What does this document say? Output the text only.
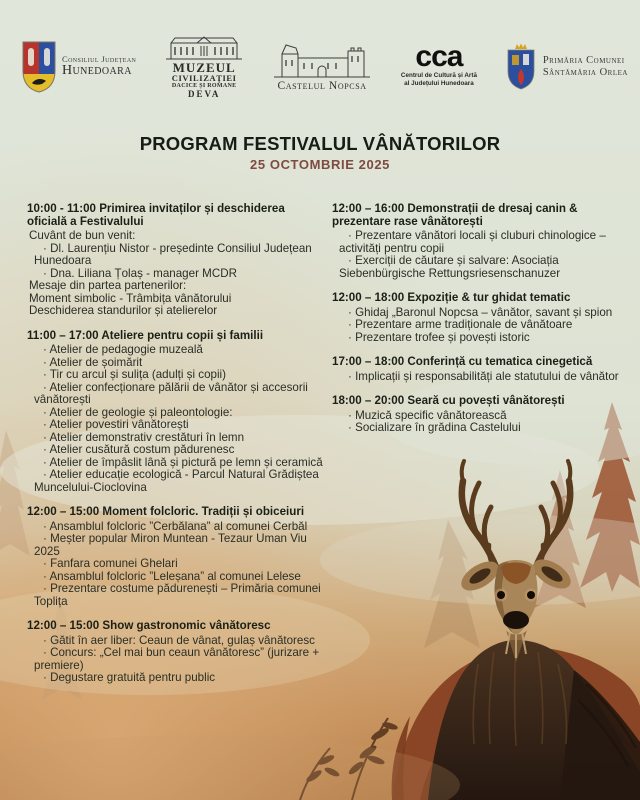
Consiliul Județean
Hunedoara	MUZEUL
CIVILIZAȚIEI
DACICE ȘI ROMANE
DEVA
Castelul Nopcsa
cca
Centrul de Cultură și Artă
al Județului Hunedoara
Primăria Comunei
Sântămăria Orlea
PROGRAM FESTIVALUL VÂNĂTORILOR
25 OCTOMBRIE 2025
10:00 - 11:00 Primirea invitaților și deschiderea oficială a Festivalului
Cuvânt de bun venit:
· Dl. Laurențiu Nistor - președinte Consiliul Județean Hunedoara
· Dna. Liliana Țolaș - manager MCDR
Mesaje din partea partenerilor:
Moment simbolic - Trâmbița vânătorului
Deschiderea standurilor și atelierelor
11:00 – 17:00 Ateliere pentru copii și familii
· Atelier de pedagogie muzeală
· Atelier de șoimărit
· Tir cu arcul și sulița (adulți și copii)
· Atelier confecționare pălării de vânător și accesorii vânătorești
· Atelier de geologie și paleontologie:
· Atelier povestiri vânătorești
· Atelier demonstrativ crestături în lemn
· Atelier cusătură costum pădurenesc
· Atelier de împâslit lână și pictură pe lemn și ceramică
· Atelier educație ecologică - Parcul Natural Grădiștea Muncelului-Cioclovina
12:00 – 15:00 Moment folcloric. Tradiții și obiceiuri
· Ansamblul folcloric ”Cerbălana” al comunei Cerbăl
· Meșter popular Miron Muntean - Tezaur Uman Viu 2025
· Fanfara comunei Ghelari
· Ansamblul folcloric ”Leleșana” al comunei Lelese
· Prezentare costume pădurenești – Primăria comunei Toplița
12:00 – 15:00 Show gastronomic vânătoresc
· Gătit în aer liber: Ceaun de vânat, gulaș vânătoresc
· Concurs: „Cel mai bun ceaun vânătoresc” (jurizare + premiere)
· Degustare gratuită pentru public
12:00 – 16:00 Demonstrații de dresaj canin & prezentare rase vânătorești
· Prezentare vânători locali și cluburi chinologice – activități pentru copii
· Exerciții de căutare și salvare: Asociația Siebenbürgische Rettungsriesenschanuzer
12:00 – 18:00 Expoziție & tur ghidat tematic
· Ghidaj „Baronul Nopcsa – vânător, savant și spion
· Prezentare arme tradiționale de vânătoare
· Prezentare trofee și povești istoric
17:00 – 18:00 Conferință cu tematica cinegetică
· Implicații și responsabilități ale statutului de vânător
18:00 – 20:00 Seară cu povești vânătorești
· Muzică specific vânătorească
· Socializare în grădina Castelului
